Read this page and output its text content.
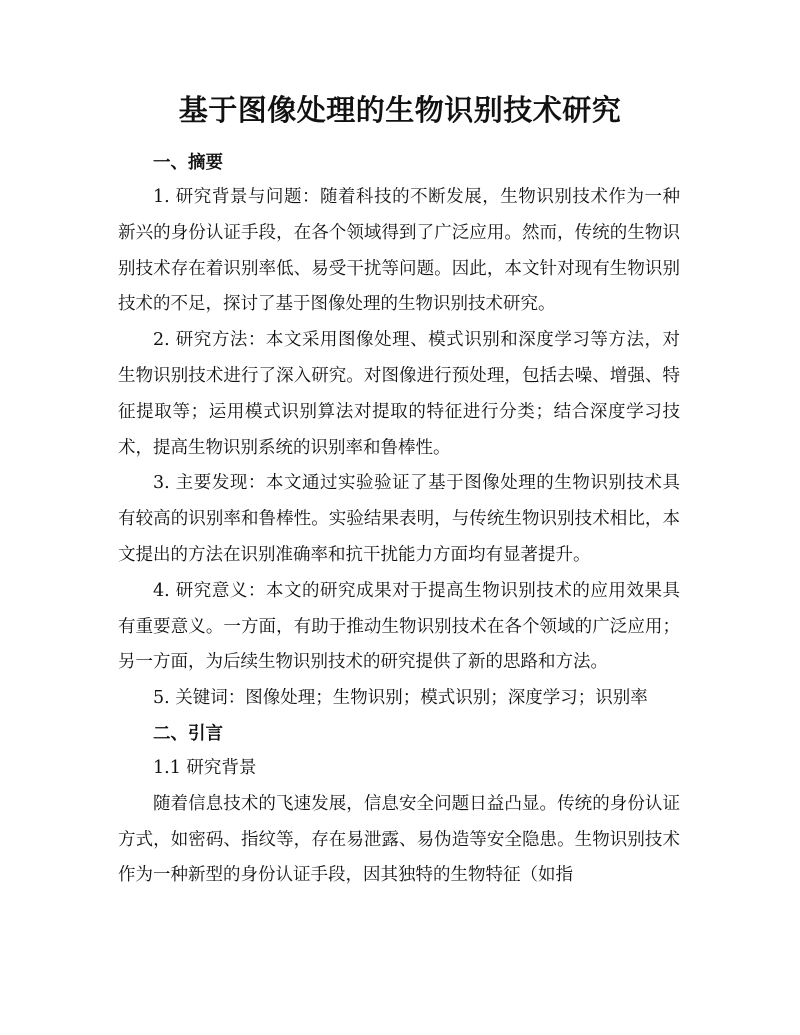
基于图像处理的生物识别技术研究
一、摘要
1. 研究背景与问题：随着科技的不断发展，生物识别技术作为一种新兴的身份认证手段，在各个领域得到了广泛应用。然而，传统的生物识别技术存在着识别率低、易受干扰等问题。因此，本文针对现有生物识别技术的不足，探讨了基于图像处理的生物识别技术研究。
2. 研究方法：本文采用图像处理、模式识别和深度学习等方法，对生物识别技术进行了深入研究。对图像进行预处理，包括去噪、增强、特征提取等；运用模式识别算法对提取的特征进行分类；结合深度学习技术，提高生物识别系统的识别率和鲁棒性。
3. 主要发现：本文通过实验验证了基于图像处理的生物识别技术具有较高的识别率和鲁棒性。实验结果表明，与传统生物识别技术相比，本文提出的方法在识别准确率和抗干扰能力方面均有显著提升。
4. 研究意义：本文的研究成果对于提高生物识别技术的应用效果具有重要意义。一方面，有助于推动生物识别技术在各个领域的广泛应用；另一方面，为后续生物识别技术的研究提供了新的思路和方法。
5. 关键词：图像处理；生物识别；模式识别；深度学习；识别率
二、引言
1.1 研究背景
随着信息技术的飞速发展，信息安全问题日益凸显。传统的身份认证方式，如密码、指纹等，存在易泄露、易伪造等安全隐患。生物识别技术作为一种新型的身份认证手段，因其独特的生物特征（如指
